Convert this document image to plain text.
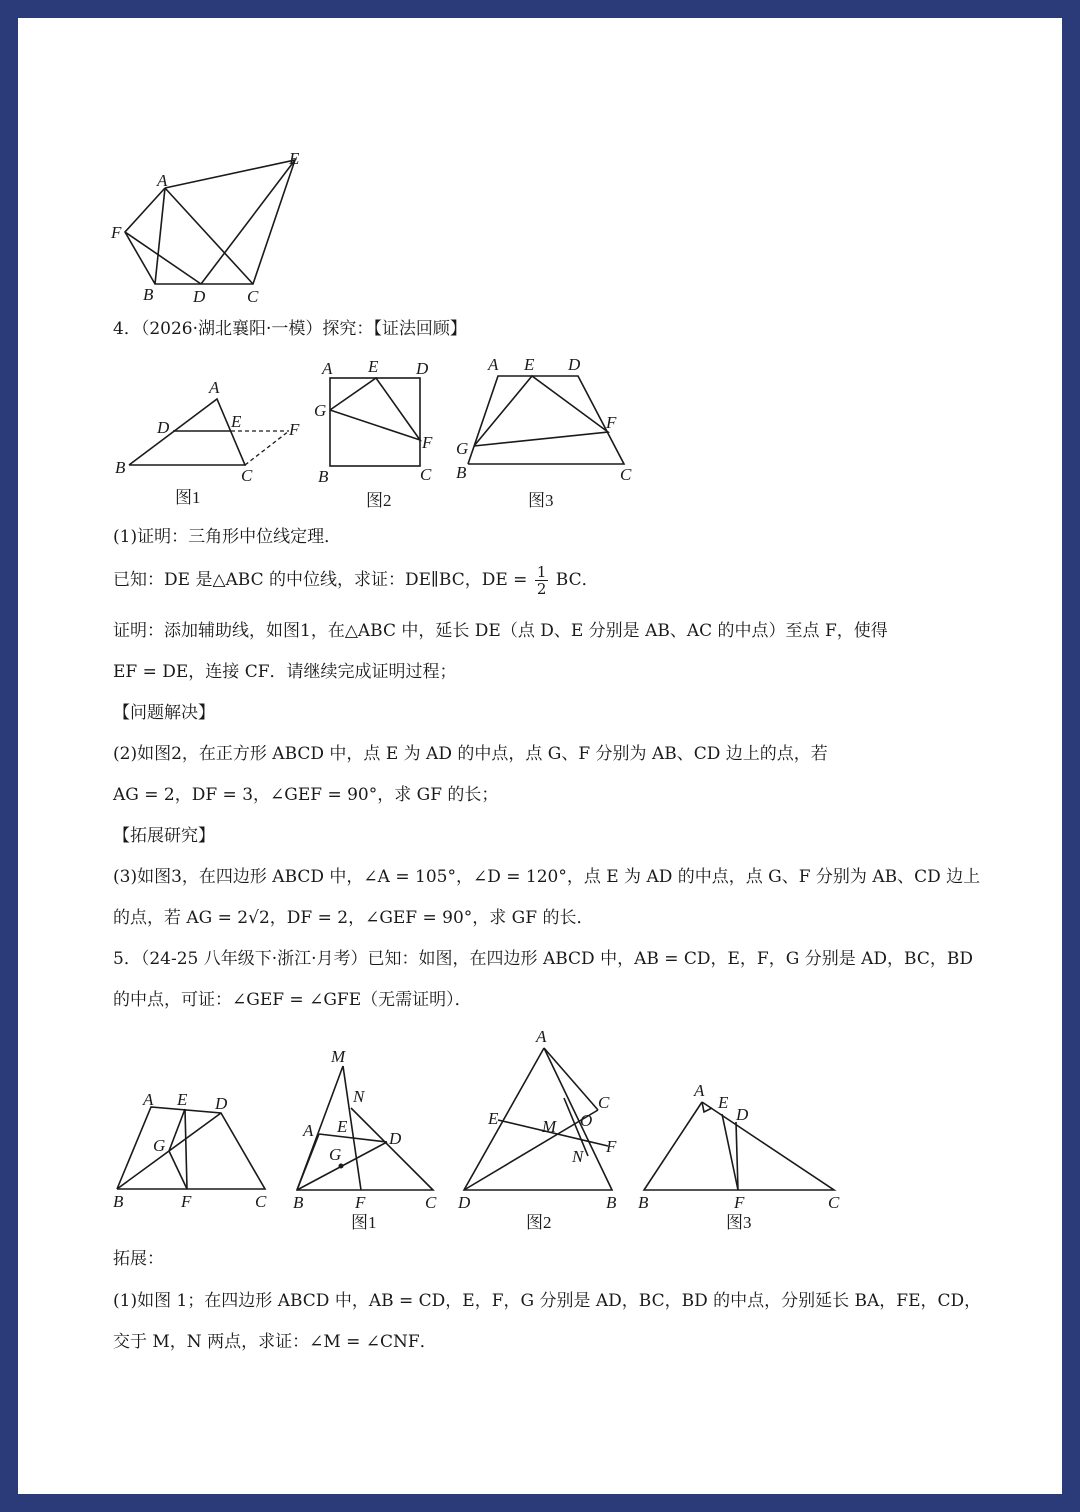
A
E
F
B D C
4．（2026·湖北襄阳·一模）探究：【证法回顾】
A
D	E	F
B	C
图1
A E D
G
F
B	C
图2
A E D
F
G
B	C
图3
(1)证明：三角形中位线定理．
已知：DE 是△ABC 的中位线，求证：DE∥BC，DE = $\frac{1}{2}$ BC．
证明：添加辅助线，如图1，在△ABC 中，延长 DE（点 D、E 分别是 AB、AC 的中点）至点 F，使得
EF = DE，连接 CF．请继续完成证明过程；
【问题解决】
(2)如图2，在正方形 ABCD 中，点 E 为 AD 的中点，点 G、F 分别为 AB、CD 边上的点，若
AG = 2，DF = 3，∠GEF = 90°，求 GF 的长；
【拓展研究】
(3)如图3，在四边形 ABCD 中，∠A = 105°，∠D = 120°，点 E 为 AD 的中点，点 G、F 分别为 AB、CD 边上
的点，若 AG = 2√2，DF = 2，∠GEF = 90°，求 GF 的长．
5．（24-25 八年级下·浙江·月考）已知：如图，在四边形 ABCD 中，AB = CD，E，F，G 分别是 AD，BC，BD
的中点，可证：∠GEF = ∠GFE（无需证明）．
A E D
G
B	F	C
M
N
A E
D
G
B	F	C
图1
A
C
E	M O
F
N
D	B
图2
A
E
D
B	F	C
图3
拓展：
(1)如图 1；在四边形 ABCD 中，AB = CD，E，F，G 分别是 AD，BC，BD 的中点，分别延长 BA，FE，CD，
交于 M，N 两点，求证：∠M = ∠CNF．
